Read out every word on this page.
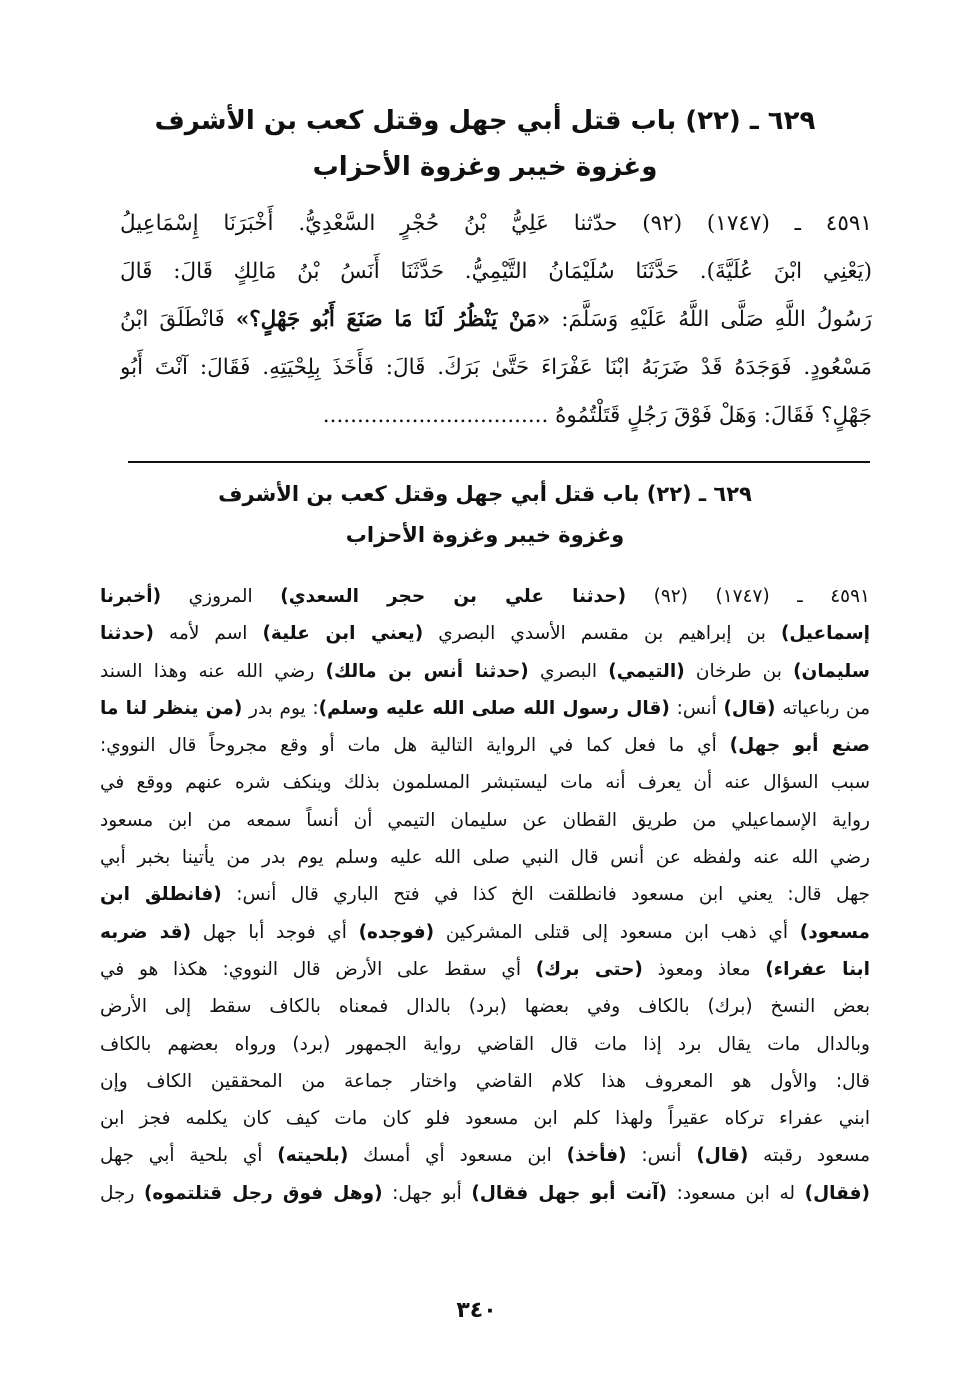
٦٢٩ ـ (٢٢) باب قتل أبي جهل وقتل كعب بن الأشرف
وغزوة خيبر وغزوة الأحزاب
٤٥٩١ ـ (١٧٤٧) (٩٢) حدّثنا عَلِيُّ بْنُ حُجْرٍ السَّعْدِيُّ. أَخْبَرَنَا إِسْمَاعِيلُ
(يَعْنِي ابْنَ عُلَيَّةَ). حَدَّثَنَا سُلَيْمَانُ التَّيْمِيُّ. حَدَّثَنَا أَنَسُ بْنُ مَالِكٍ قَالَ: قَالَ
رَسُولُ اللَّهِ صَلَّى اللَّهُ عَلَيْهِ وَسَلَّمَ: «مَنْ يَنْظُرُ لَنَا مَا صَنَعَ أَبُو جَهْلٍ؟» فَانْطَلَقَ ابْنُ
مَسْعُودٍ. فَوَجَدَهُ قَدْ ضَرَبَهُ ابْنَا عَفْرَاءَ حَتَّىٰ بَرَكَ. قَالَ: فَأَخَذَ بِلِحْيَتِهِ. فَقَالَ: آنْتَ أَبُو
جَهْلٍ؟ فَقَالَ: وَهَلْ فَوْقَ رَجُلٍ قَتَلْتُمُوهُ .................................
٦٢٩ ـ (٢٢) باب قتل أبي جهل وقتل كعب بن الأشرف
وغزوة خيبر وغزوة الأحزاب
٤٥٩١ ـ (١٧٤٧) (٩٢) (حدثنا علي بن حجر السعدي) المروزي (أخبرنا
إسماعيل) بن إبراهيم بن مقسم الأسدي البصري (يعني ابن علية) اسم لأمه (حدثنا
سليمان) بن طرخان (التيمي) البصري (حدثنا أنس بن مالك) رضي الله عنه وهذا السند
من رباعياته (قال) أنس: (قال رسول الله صلى الله عليه وسلم): يوم بدر (من ينظر لنا ما
صنع أبو جهل) أي ما فعل كما في الرواية التالية هل مات أو وقع مجروحاً قال النووي:
سبب السؤال عنه أن يعرف أنه مات ليستبشر المسلمون بذلك وينكف شره عنهم ووقع في
رواية الإسماعيلي من طريق القطان عن سليمان التيمي أن أنساً سمعه من ابن مسعود
رضي الله عنه ولفظه عن أنس قال النبي صلى الله عليه وسلم يوم بدر من يأتينا بخبر أبي
جهل قال: يعني ابن مسعود فانطلقت الخ كذا في فتح الباري قال أنس: (فانطلق ابن
مسعود) أي ذهب ابن مسعود إلى قتلى المشركين (فوجده) أي فوجد أبا جهل (قد ضربه
ابنا عفراء) معاذ ومعوذ (حتى برك) أي سقط على الأرض قال النووي: هكذا هو في
بعض النسخ (برك) بالكاف وفي بعضها (برد) بالدال فمعناه بالكاف سقط إلى الأرض
وبالدال مات يقال برد إذا مات قال القاضي رواية الجمهور (برد) ورواه بعضهم بالكاف
قال: والأول هو المعروف هذا كلام القاضي واختار جماعة من المحققين الكاف وإن
ابني عفراء تركاه عقيراً ولهذا كلم ابن مسعود فلو كان مات كيف كان يكلمه فجز ابن
مسعود رقبته (قال) أنس: (فأخذ) ابن مسعود أي أمسك (بلحيته) أي بلحية أبي جهل
(فقال) له ابن مسعود: (آنت أبو جهل فقال) أبو جهل: (وهل فوق رجل قتلتموه) رجل
٣٤٠
